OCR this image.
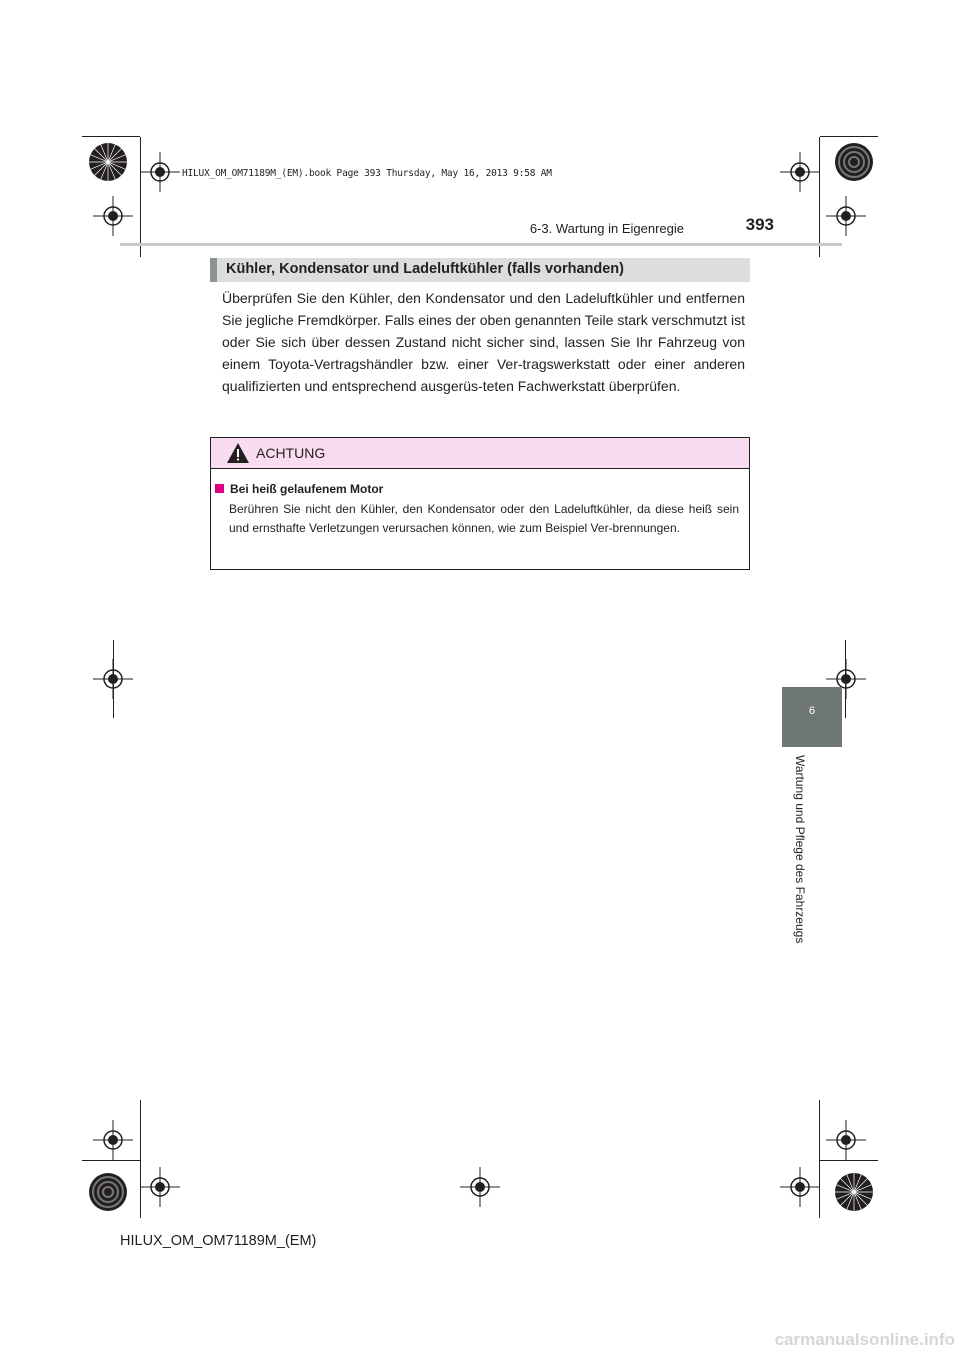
HILUX_OM_OM71189M_(EM).book Page 393 Thursday, May 16, 2013 9:58 AM
6-3. Wartung in Eigenregie	393
Kühler, Kondensator und Ladeluftkühler (falls vorhanden)
Überprüfen Sie den Kühler, den Kondensator und den Ladeluftkühler und entfernen Sie jegliche Fremdkörper. Falls eines der oben genannten Teile stark verschmutzt ist oder Sie sich über dessen Zustand nicht sicher sind, lassen Sie Ihr Fahrzeug von einem Toyota-Vertragshändler bzw. einer Ver-tragswerkstatt oder einer anderen qualifizierten und entsprechend ausgerüs-teten Fachwerkstatt überprüfen.
ACHTUNG
Bei heiß gelaufenem Motor
Berühren Sie nicht den Kühler, den Kondensator oder den Ladeluftkühler, da diese heiß sein und ernsthafte Verletzungen verursachen können, wie zum Beispiel Ver-brennungen.
6
Wartung und Pflege des Fahrzeugs
HILUX_OM_OM71189M_(EM)
carmanualsonline.info
